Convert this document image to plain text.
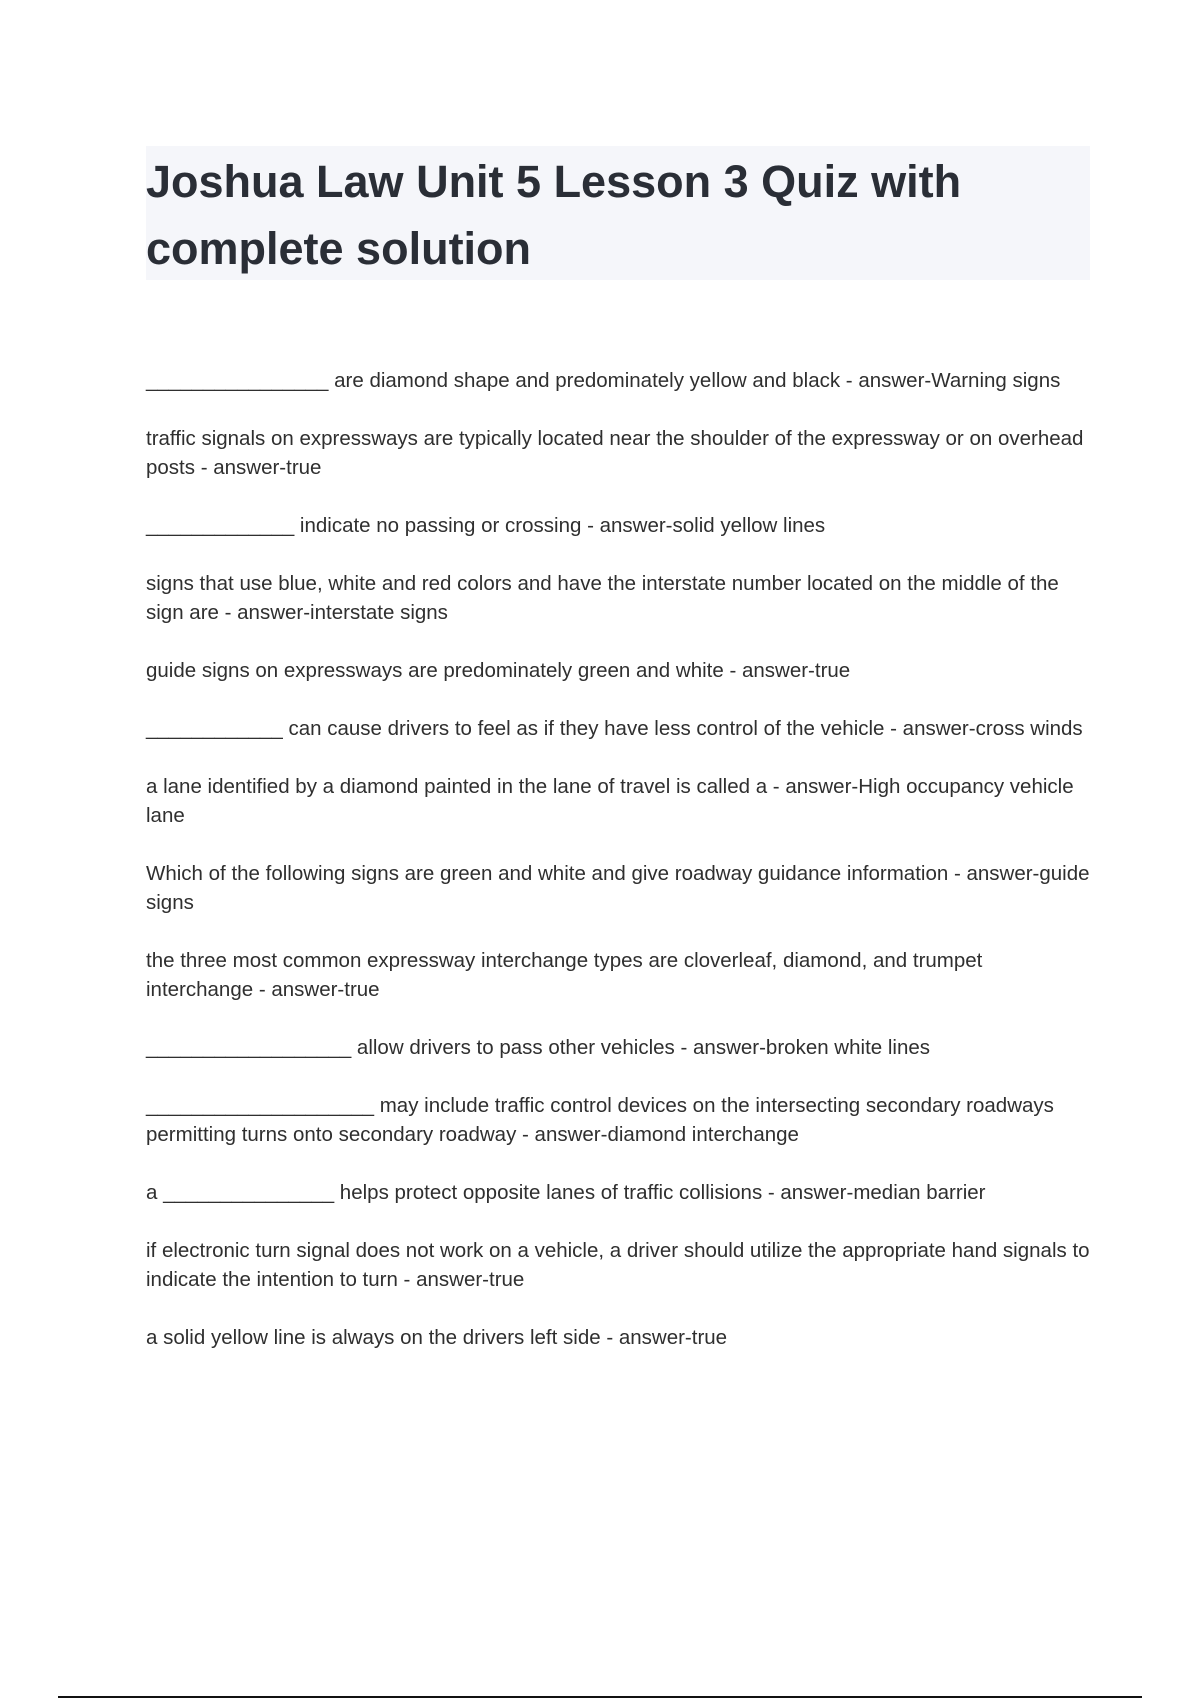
Joshua Law Unit 5 Lesson 3 Quiz with complete solution

________________ are diamond shape and predominately yellow and black - answer-Warning signs

traffic signals on expressways are typically located near the shoulder of the expressway or on overhead posts - answer-true

_____________ indicate no passing or crossing - answer-solid yellow lines

signs that use blue, white and red colors and have the interstate number located on the middle of the sign are - answer-interstate signs

guide signs on expressways are predominately green and white - answer-true

____________ can cause drivers to feel as if they have less control of the vehicle - answer-cross winds

a lane identified by a diamond painted in the lane of travel is called a - answer-High occupancy vehicle lane

Which of the following signs are green and white and give roadway guidance information - answer-guide signs

the three most common expressway interchange types are cloverleaf, diamond, and trumpet interchange - answer-true

__________________ allow drivers to pass other vehicles - answer-broken white lines

____________________ may include traffic control devices on the intersecting secondary roadways permitting turns onto secondary roadway - answer-diamond interchange

a _______________ helps protect opposite lanes of traffic collisions - answer-median barrier

if electronic turn signal does not work on a vehicle, a driver should utilize the appropriate hand signals to indicate the intention to turn - answer-true

a solid yellow line is always on the drivers left side - answer-true
